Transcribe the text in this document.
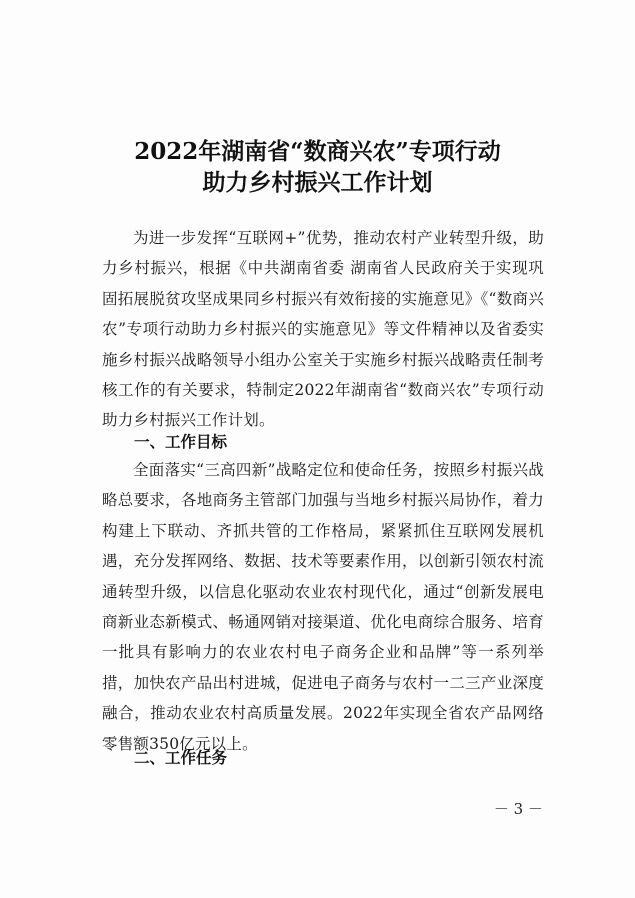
2022年湖南省“数商兴农”专项行动
助力乡村振兴工作计划

为进一步发挥“互联网+”优势，推动农村产业转型升级，助力乡村振兴，根据《中共湖南省委 湖南省人民政府关于实现巩固拓展脱贫攻坚成果同乡村振兴有效衔接的实施意见》《“数商兴农”专项行动助力乡村振兴的实施意见》等文件精神以及省委实施乡村振兴战略领导小组办公室关于实施乡村振兴战略责任制考核工作的有关要求，特制定2022年湖南省“数商兴农”专项行动助力乡村振兴工作计划。

一、工作目标

全面落实“三高四新”战略定位和使命任务，按照乡村振兴战略总要求，各地商务主管部门加强与当地乡村振兴局协作，着力构建上下联动、齐抓共管的工作格局，紧紧抓住互联网发展机遇，充分发挥网络、数据、技术等要素作用，以创新引领农村流通转型升级，以信息化驱动农业农村现代化，通过“创新发展电商新业态新模式、畅通网销对接渠道、优化电商综合服务、培育一批具有影响力的农业农村电子商务企业和品牌”等一系列举措，加快农产品出村进城，促进电子商务与农村一二三产业深度融合，推动农业农村高质量发展。2022年实现全省农产品网络零售额350亿元以上。

二、工作任务
－ 3 －
